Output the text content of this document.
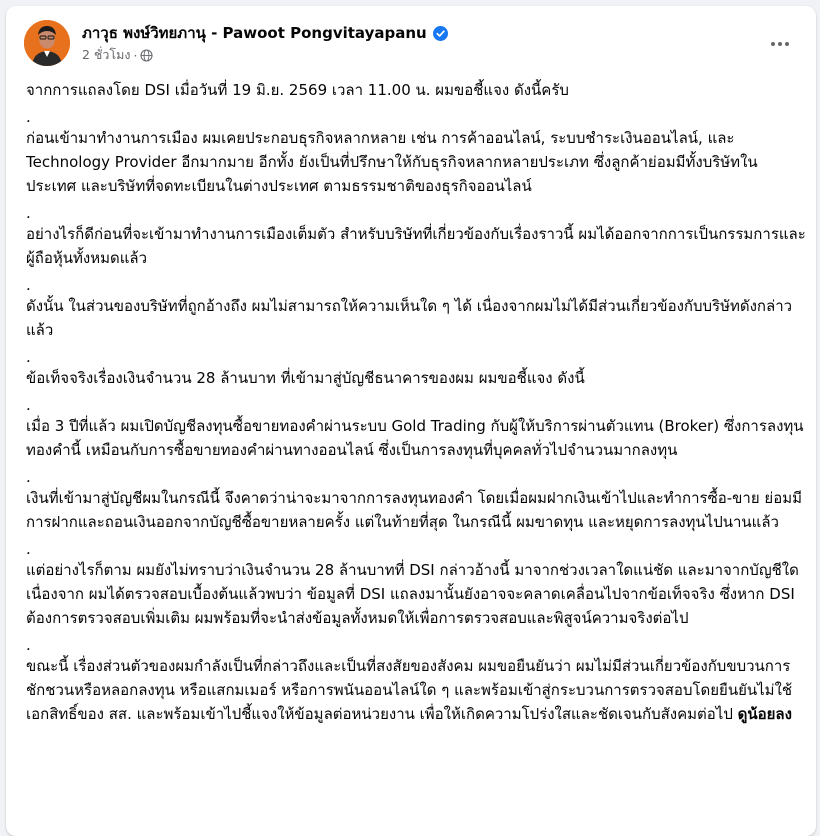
ภาวุธ พงษ์วิทยภานุ - Pawoot Pongvitayapanu
2 ชั่วโมง ·

จากการแถลงโดย DSI เมื่อวันที่ 19 มิ.ย. 2569 เวลา 11.00 น. ผมขอชี้แจง ดังนี้ครับ

.

ก่อนเข้ามาทำงานการเมือง ผมเคยประกอบธุรกิจหลากหลาย เช่น การค้าออนไลน์, ระบบชำระเงินออนไลน์, และ Technology Provider อีกมากมาย อีกทั้ง ยังเป็นที่ปรึกษาให้กับธุรกิจหลากหลายประเภท ซึ่งลูกค้าย่อมมีทั้งบริษัทในประเทศ และบริษัทที่จดทะเบียนในต่างประเทศ ตามธรรมชาติของธุรกิจออนไลน์

.

อย่างไรก็ดีก่อนที่จะเข้ามาทำงานการเมืองเต็มตัว สำหรับบริษัทที่เกี่ยวข้องกับเรื่องราวนี้ ผมได้ออกจากการเป็นกรรมการและผู้ถือหุ้นทั้งหมดแล้ว

.

ดังนั้น ในส่วนของบริษัทที่ถูกอ้างถึง ผมไม่สามารถให้ความเห็นใด ๆ ได้ เนื่องจากผมไม่ได้มีส่วนเกี่ยวข้องกับบริษัทดังกล่าวแล้ว

.

ข้อเท็จจริงเรื่องเงินจำนวน 28 ล้านบาท ที่เข้ามาสู่บัญชีธนาคารของผม ผมขอชี้แจง ดังนี้

.

เมื่อ 3 ปีที่แล้ว ผมเปิดบัญชีลงทุนซื้อขายทองคำผ่านระบบ Gold Trading กับผู้ให้บริการผ่านตัวแทน (Broker) ซึ่งการลงทุนทองคำนี้ เหมือนกับการซื้อขายทองคำผ่านทางออนไลน์ ซึ่งเป็นการลงทุนที่บุคคลทั่วไปจำนวนมากลงทุน

.

เงินที่เข้ามาสู่บัญชีผมในกรณีนี้ จึงคาดว่าน่าจะมาจากการลงทุนทองคำ โดยเมื่อผมฝากเงินเข้าไปและทำการซื้อ-ขาย ย่อมมีการฝากและถอนเงินออกจากบัญชีซื้อขายหลายครั้ง แต่ในท้ายที่สุด ในกรณีนี้ ผมขาดทุน และหยุดการลงทุนไปนานแล้ว

.

แต่อย่างไรก็ตาม ผมยังไม่ทราบว่าเงินจำนวน 28 ล้านบาทที่ DSI กล่าวอ้างนี้ มาจากช่วงเวลาใดแน่ชัด และมาจากบัญชีใด เนื่องจาก ผมได้ตรวจสอบเบื้องต้นแล้วพบว่า ข้อมูลที่ DSI แถลงมานั้นยังอาจจะคลาดเคลื่อนไปจากข้อเท็จจริง ซึ่งหาก DSI ต้องการตรวจสอบเพิ่มเติม ผมพร้อมที่จะนำส่งข้อมูลทั้งหมดให้เพื่อการตรวจสอบและพิสูจน์ความจริงต่อไป

.

ขณะนี้ เรื่องส่วนตัวของผมกำลังเป็นที่กล่าวถึงและเป็นที่สงสัยของสังคม ผมขอยืนยันว่า ผมไม่มีส่วนเกี่ยวข้องกับขบวนการชักชวนหรือหลอกลงทุน หรือแสกมเมอร์ หรือการพนันออนไลน์ใด ๆ และพร้อมเข้าสู่กระบวนการตรวจสอบโดยยืนยันไม่ใช้เอกสิทธิ์ของ สส. และพร้อมเข้าไปชี้แจงให้ข้อมูลต่อหน่วยงาน เพื่อให้เกิดความโปร่งใสและชัดเจนกับสังคมต่อไป ดูน้อยลง
